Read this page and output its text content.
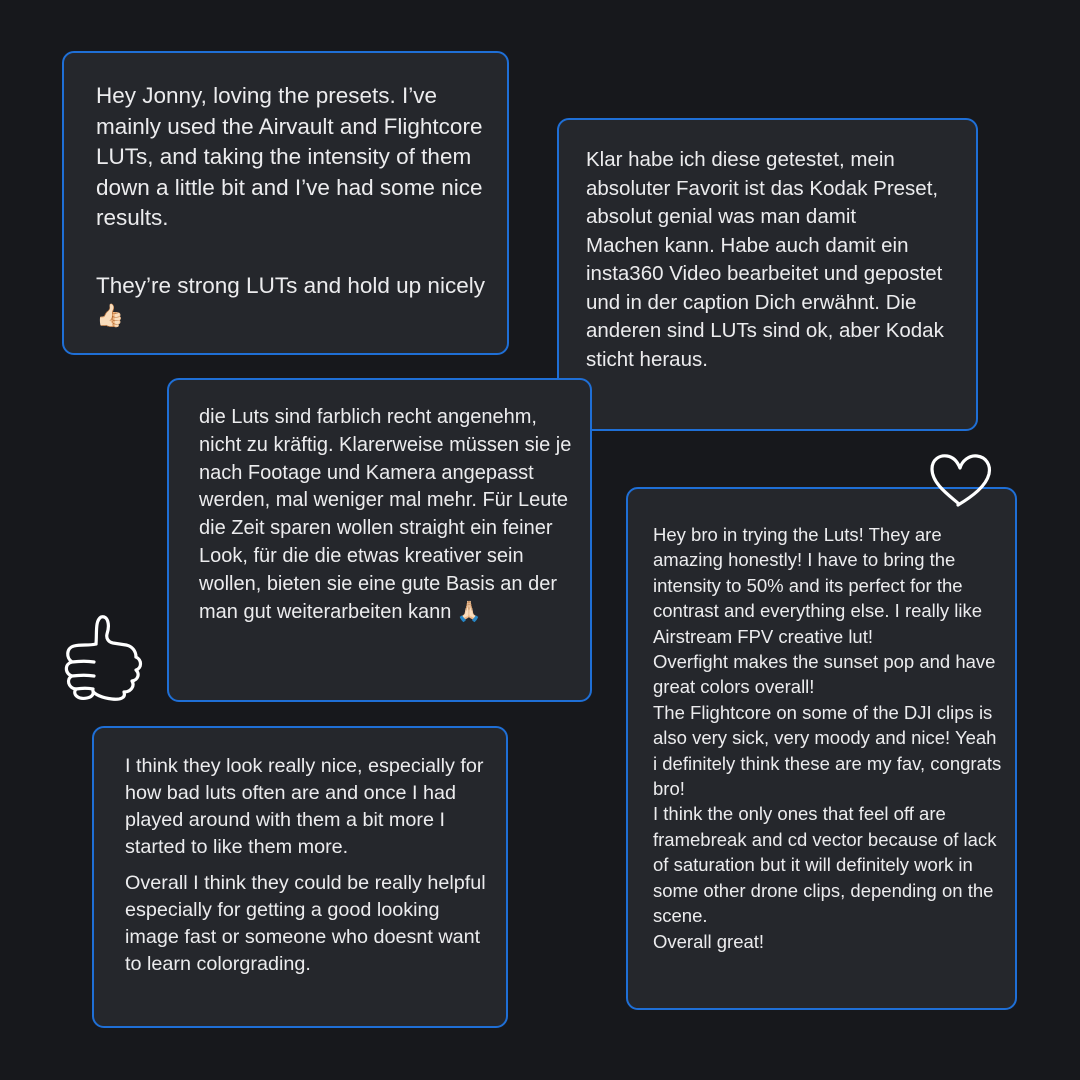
Hey Jonny, loving the presets. I’ve mainly used the Airvault and Flightcore LUTs, and taking the intensity of them down a little bit and I’ve had some nice results.

They’re strong LUTs and hold up nicely 👍🏻

Klar habe ich diese getestet, mein absoluter Favorit ist das Kodak Preset, absolut genial was man damit
Machen kann. Habe auch damit ein insta360 Video bearbeitet und gepostet und in der caption Dich erwähnt. Die anderen sind LUTs sind ok, aber Kodak sticht heraus.

die Luts sind farblich recht angenehm, nicht zu kräftig. Klarerweise müssen sie je nach Footage und Kamera angepasst werden, mal weniger mal mehr. Für Leute die Zeit sparen wollen straight ein feiner Look, für die die etwas kreativer sein wollen, bieten sie eine gute Basis an der man gut weiterarbeiten kann 🙏🏻

I think they look really nice, especially for how bad luts often are and once I had played around with them a bit more I started to like them more.

Overall I think they could be really helpful especially for getting a good looking image fast or someone who doesnt want to learn colorgrading.

Hey bro in trying the Luts! They are amazing honestly! I have to bring the intensity to 50% and its perfect for the contrast and everything else. I really like Airstream FPV creative lut!
Overfight makes the sunset pop and have great colors overall!
The Flightcore on some of the DJI clips is also very sick, very moody and nice! Yeah i definitely think these are my fav, congrats bro!
I think the only ones that feel off are framebreak and cd vector because of lack of saturation but it will definitely work in some other drone clips, depending on the scene.
Overall great!
